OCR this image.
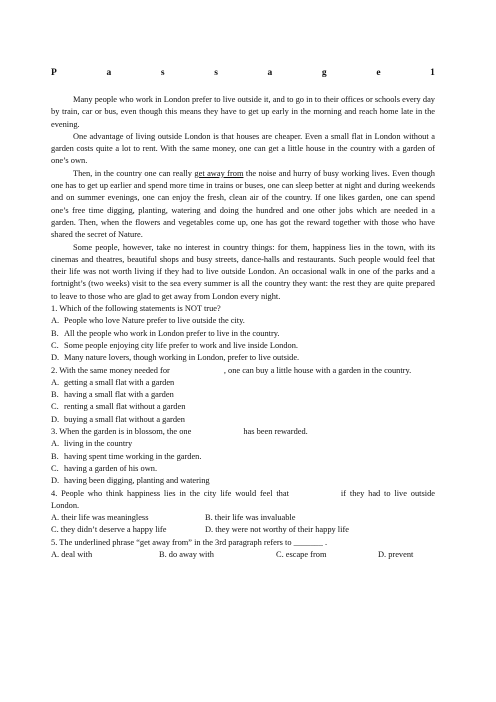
P	a	s	s	a	g	e	1

Many people who work in London prefer to live outside it, and to go in to their offices or schools every day by train, car or bus, even though this means they have to get up early in the morning and reach home late in the evening.

One advantage of living outside London is that houses are cheaper. Even a small flat in London without a garden costs quite a lot to rent. With the same money, one can get a little house in the country with a garden of one’s own.

Then, in the country one can really get away from the noise and hurry of busy working lives. Even though one has to get up earlier and spend more time in trains or buses, one can sleep better at night and during weekends and on summer evenings, one can enjoy the fresh, clean air of the country. If one likes garden, one can spend one’s free time digging, planting, watering and doing the hundred and one other jobs which are needed in a garden. Then, when the flowers and vegetables come up, one has got the reward together with those who have shared the secret of Nature.

Some people, however, take no interest in country things: for them, happiness lies in the town, with its cinemas and theatres, beautiful shops and busy streets, dance-halls and restaurants. Such people would feel that their life was not worth living if they had to live outside London. An occasional walk in one of the parks and a fortnight’s (two weeks) visit to the sea every summer is all the country they want: the rest they are quite prepared to leave to those who are glad to get away from London every night.

1. Which of the following statements is NOT true?
A. People who love Nature prefer to live outside the city.
B. All the people who work in London prefer to live in the country.
C. Some people enjoying city life prefer to work and live inside London.
D. Many nature lovers, though working in London, prefer to live outside.
2. With the same money needed for	, one can buy a little house with a garden in the country.
A. getting a small flat with a garden
B. having a small flat with a garden
C. renting a small flat without a garden
D. buying a small flat without a garden
3. When the garden is in blossom, the one	has been rewarded.
A. living in the country
B. having spent time working in the garden.
C. having a garden of his own.
D. having been digging, planting and watering
4. People who think happiness lies in the city life would feel that	if they had to live outside London.
A. their life was meaningless	B. their life was invaluable
C. they didn’t deserve a happy life	D. they were not worthy of their happy life
5. The underlined phrase “get away from” in the 3rd paragraph refers to _______ .
A. deal with	B. do away with	C. escape from	D. prevent
